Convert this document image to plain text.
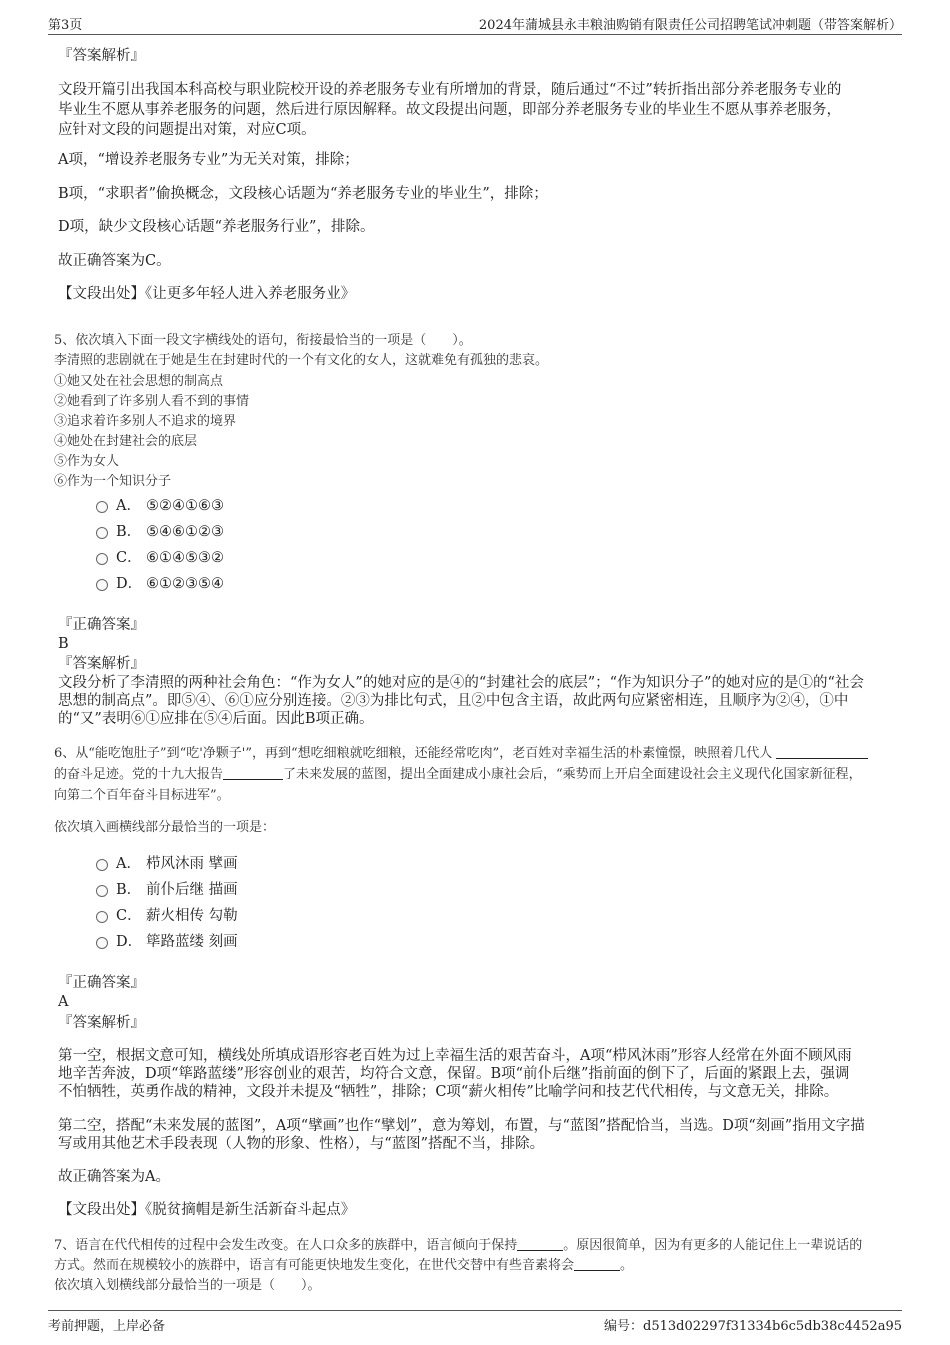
第3页	2024年蒲城县永丰粮油购销有限责任公司招聘笔试冲刺题（带答案解析）
『答案解析』
文段开篇引出我国本科高校与职业院校开设的养老服务专业有所增加的背景，随后通过“不过”转折指出部分养老服务专业的
毕业生不愿从事养老服务的问题，然后进行原因解释。故文段提出问题，即部分养老服务专业的毕业生不愿从事养老服务，
应针对文段的问题提出对策，对应C项。
A项，“增设养老服务专业”为无关对策，排除；
B项，“求职者”偷换概念，文段核心话题为“养老服务专业的毕业生”，排除；
D项，缺少文段核心话题“养老服务行业”，排除。
故正确答案为C。
【文段出处】《让更多年轻人进入养老服务业》
5、依次填入下面一段文字横线处的语句，衔接最恰当的一项是（　　）。
李清照的悲剧就在于她是生在封建时代的一个有文化的女人，这就难免有孤独的悲哀。
①她又处在社会思想的制高点
②她看到了许多别人看不到的事情
③追求着许多别人不追求的境界
④她处在封建社会的底层
⑤作为女人
⑥作为一个知识分子
A． ⑤②④①⑥③
B． ⑤④⑥①②③
C． ⑥①④⑤③②
D． ⑥①②③⑤④
『正确答案』
B
『答案解析』
文段分析了李清照的两种社会角色：“作为女人”的她对应的是④的“封建社会的底层”；“作为知识分子”的她对应的是①的“社会
思想的制高点”。即⑤④、⑥①应分别连接。②③为排比句式，且②中包含主语，故此两句应紧密相连，且顺序为②④，①中
的“又”表明⑥①应排在⑤④后面。因此B项正确。
6、从“能吃饱肚子”到“吃'净颗子'”，再到“想吃细粮就吃细粮，还能经常吃肉”，老百姓对幸福生活的朴素憧憬，映照着几代人
的奋斗足迹。党的十九大报告	了未来发展的蓝图，提出全面建成小康社会后，“乘势而上开启全面建设社会主义现代化国家新征程，
向第二个百年奋斗目标进军”。
依次填入画横线部分最恰当的一项是：
A． 栉风沐雨 擘画
B． 前仆后继 描画
C． 薪火相传 勾勒
D． 筚路蓝缕 刻画
『正确答案』
A
『答案解析』
第一空，根据文意可知，横线处所填成语形容老百姓为过上幸福生活的艰苦奋斗，A项“栉风沐雨”形容人经常在外面不顾风雨
地辛苦奔波，D项“筚路蓝缕”形容创业的艰苦，均符合文意，保留。B项“前仆后继”指前面的倒下了，后面的紧跟上去，强调
不怕牺牲，英勇作战的精神，文段并未提及“牺牲”，排除；C项“薪火相传”比喻学问和技艺代代相传，与文意无关，排除。
第二空，搭配“未来发展的蓝图”，A项“擘画”也作“擘划”，意为筹划，布置，与“蓝图”搭配恰当，当选。D项“刻画”指用文字描
写或用其他艺术手段表现（人物的形象、性格），与“蓝图”搭配不当，排除。
故正确答案为A。
【文段出处】《脱贫摘帽是新生活新奋斗起点》
7、语言在代代相传的过程中会发生改变。在人口众多的族群中，语言倾向于保持	。原因很简单，因为有更多的人能记住上一辈说话的
方式。然而在规模较小的族群中，语言有可能更快地发生变化，在世代交替中有些音素将会	。
依次填入划横线部分最恰当的一项是（　　）。
考前押题，上岸必备	编号：d513d02297f31334b6c5db38c4452a95
